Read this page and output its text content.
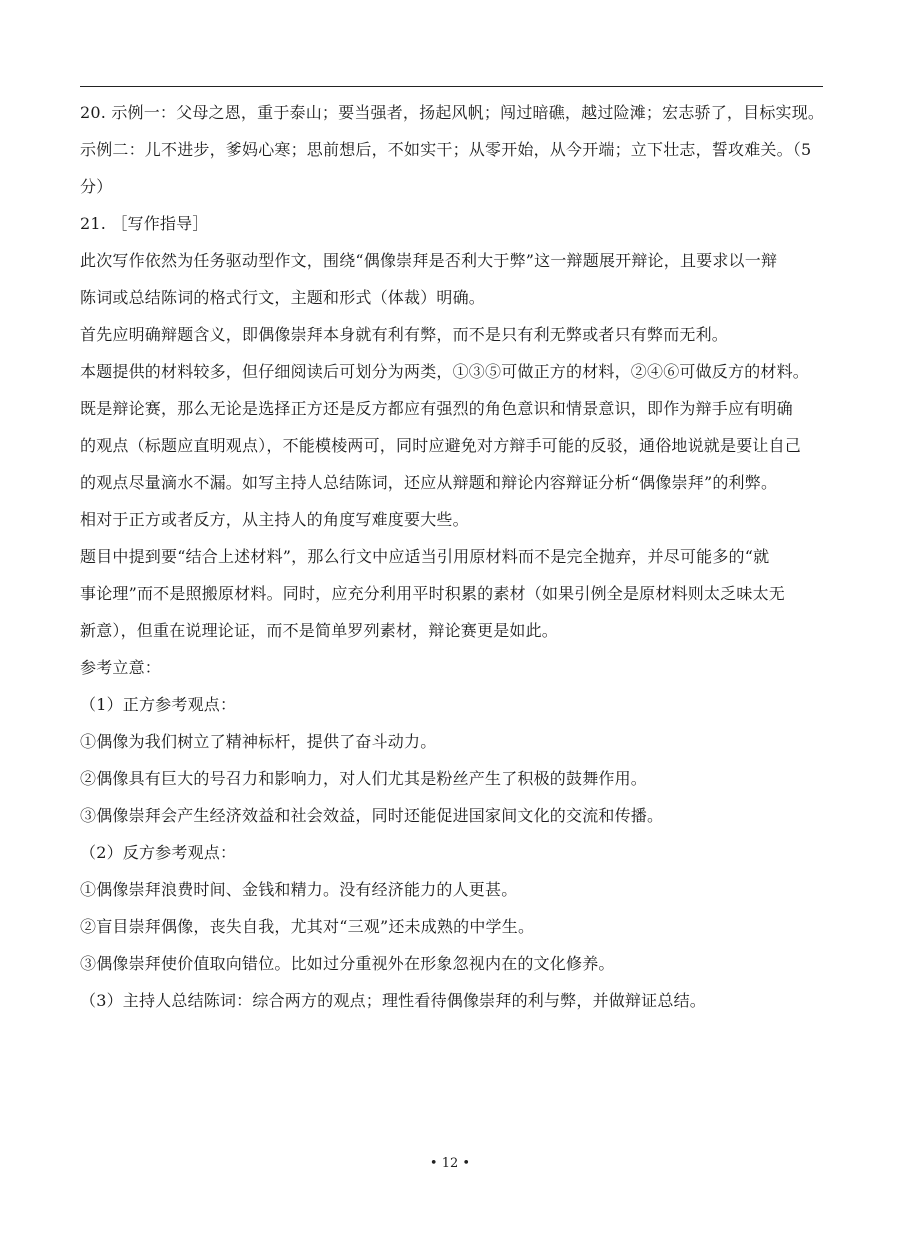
20. 示例一：父母之恩，重于泰山；要当强者，扬起风帆；闯过暗礁，越过险滩；宏志骄了，目标实现。
示例二：儿不进步，爹妈心寒；思前想后，不如实干；从零开始，从今开端；立下壮志，誓攻难关。（5
分）
21. ［写作指导］
此次写作依然为任务驱动型作文，围绕“偶像崇拜是否利大于弊”这一辩题展开辩论，且要求以一辩
陈词或总结陈词的格式行文，主题和形式（体裁）明确。
首先应明确辩题含义，即偶像崇拜本身就有利有弊，而不是只有利无弊或者只有弊而无利。
本题提供的材料较多，但仔细阅读后可划分为两类，①③⑤可做正方的材料，②④⑥可做反方的材料。
既是辩论赛，那么无论是选择正方还是反方都应有强烈的角色意识和情景意识，即作为辩手应有明确
的观点（标题应直明观点），不能模棱两可，同时应避免对方辩手可能的反驳，通俗地说就是要让自己
的观点尽量滴水不漏。如写主持人总结陈词，还应从辩题和辩论内容辩证分析“偶像崇拜”的利弊。
相对于正方或者反方，从主持人的角度写难度要大些。
题目中提到要“结合上述材料”，那么行文中应适当引用原材料而不是完全抛弃，并尽可能多的“就
事论理”而不是照搬原材料。同时，应充分利用平时积累的素材（如果引例全是原材料则太乏味太无
新意），但重在说理论证，而不是简单罗列素材，辩论赛更是如此。
参考立意：
（1）正方参考观点：
①偶像为我们树立了精神标杆，提供了奋斗动力。
②偶像具有巨大的号召力和影响力，对人们尤其是粉丝产生了积极的鼓舞作用。
③偶像崇拜会产生经济效益和社会效益，同时还能促进国家间文化的交流和传播。
（2）反方参考观点：
①偶像崇拜浪费时间、金钱和精力。没有经济能力的人更甚。
②盲目崇拜偶像，丧失自我，尤其对“三观”还未成熟的中学生。
③偶像崇拜使价值取向错位。比如过分重视外在形象忽视内在的文化修养。
（3）主持人总结陈词：综合两方的观点；理性看待偶像崇拜的利与弊，并做辩证总结。
• 12 •
